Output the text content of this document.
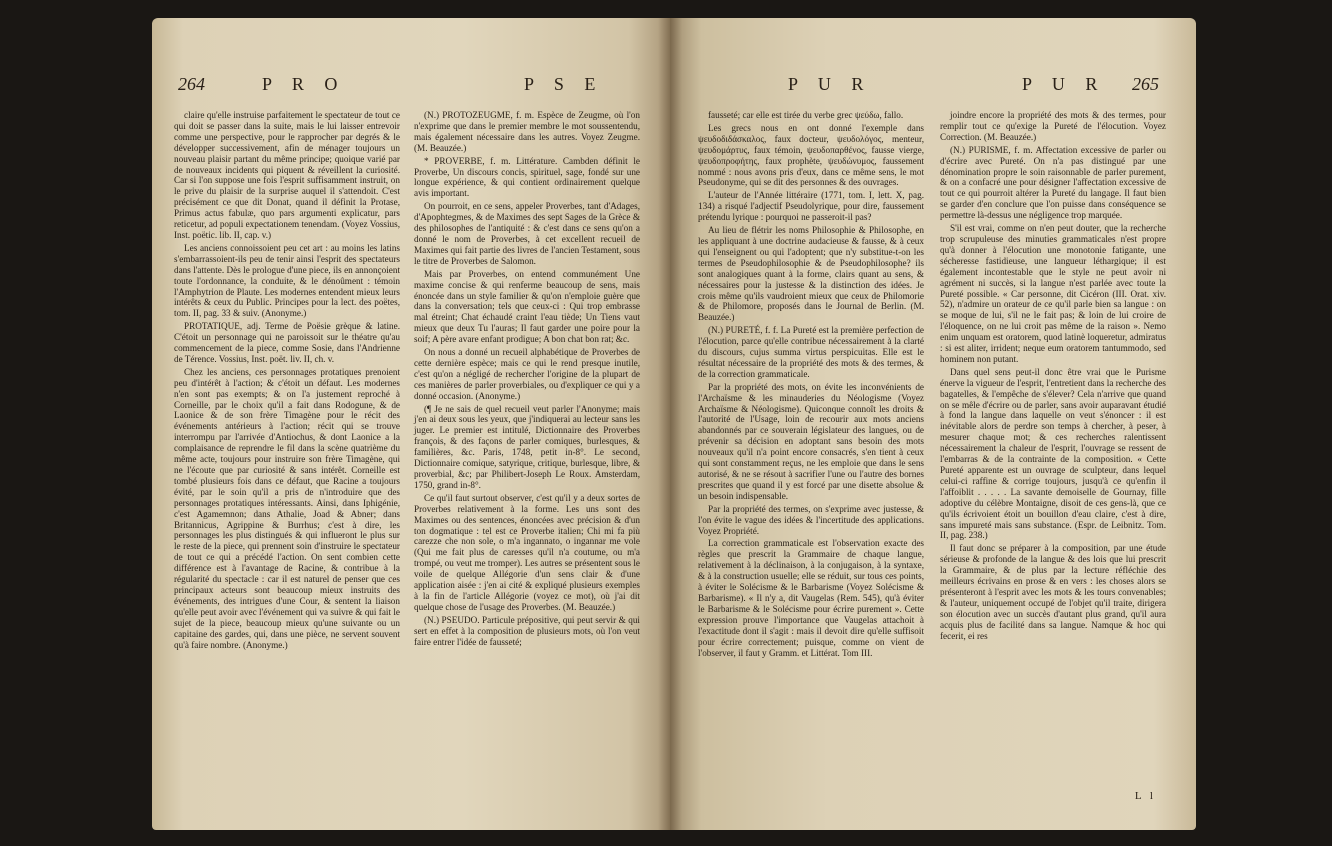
264	P R O	P S E

claire qu'elle instruise parfaitement le spectateur de tout ce qui doit se passer dans la suite, mais le lui laisser entrevoir comme une perspective, pour le rapprocher par degrés & le développer successivement, afin de ménager toujours un nouveau plaisir partant du même principe; quoique varié par de nouveaux incidents qui piquent & réveillent la curiosité. Car si l'on suppose une fois l'esprit suffisamment instruit, on le prive du plaisir de la surprise auquel il s'attendoit. C'est précisément ce que dit Donat, quand il définit la Protase, Primus actus fabulæ, quo pars argumenti explicatur, pars reticetur, ad populi expectationem tenendam. (Voyez Vossius, Inst. poëtic. lib. II, cap. v.)

Les anciens connoissoient peu cet art : au moins les latins s'embarrassoient-ils peu de tenir ainsi l'esprit des spectateurs dans l'attente. Dès le prologue d'une piece, ils en annonçoient toute l'ordonnance, la conduite, & le dénoûment : témoin l'Amphytrion de Plaute. Les modernes entendent mieux leurs intérêts & ceux du Public. Principes pour la lect. des poëtes, tom. II, pag. 33 & suiv. (Anonyme.)

PROTATIQUE, adj. Terme de Poësie grèque & latine. C'étoit un personnage qui ne paroissoit sur le théatre qu'au commencement de la piece, comme Sosie, dans l'Andrienne de Térence. Vossius, Inst. poët. liv. II, ch. v.

Chez les anciens, ces personnages protatiques prenoient peu d'intérêt à l'action; & c'étoit un défaut. Les modernes n'en sont pas exempts; & on l'a justement reproché à Corneille, par le choix qu'il a fait dans Rodogune, & de Laonice & de son frère Timagène pour le récit des événements antérieurs à l'action; récit qui se trouve interrompu par l'arrivée d'Antiochus, & dont Laonice a la complaisance de reprendre le fil dans la scène quatrième du même acte, toujours pour instruire son frère Timagène, qui ne l'écoute que par curiosité & sans intérêt. Corneille est tombé plusieurs fois dans ce défaut, que Racine a toujours évité, par le soin qu'il a pris de n'introduire que des personnages protatiques intéressants. Ainsi, dans Iphigénie, c'est Agamemnon; dans Athalie, Joad & Abner; dans Britannicus, Agrippine & Burrhus; c'est à dire, les personnages les plus distingués & qui influeront le plus sur le reste de la piece, qui prennent soin d'instruire le spectateur de tout ce qui a précédé l'action. On sent combien cette différence est à l'avantage de Racine, & contribue à la régularité du spectacle : car il est naturel de penser que ces principaux acteurs sont beaucoup mieux instruits des événements, des intrigues d'une Cour, & sentent la liaison qu'elle peut avoir avec l'événement qui va suivre & qui fait le sujet de la piece, beaucoup mieux qu'une suivante ou un capitaine des gardes, qui, dans une pièce, ne servent souvent qu'à faire nombre. (Anonyme.)

(N.) PROTOZEUGME, f. m. Espèce de Zeugme, où l'on n'exprime que dans le premier membre le mot soussentendu, mais également nécessaire dans les autres. Voyez Zeugme. (M. Beauzée.)

* PROVERBE, f. m. Littérature. Cambden définit le Proverbe, Un discours concis, spirituel, sage, fondé sur une longue expérience, & qui contient ordinairement quelque avis important.

On pourroit, en ce sens, appeler Proverbes, tant d'Adages, d'Apophtegmes, & de Maximes des sept Sages de la Grèce & des philosophes de l'antiquité : & c'est dans ce sens qu'on a donné le nom de Proverbes, à cet excellent recueil de Maximes qui fait partie des livres de l'ancien Testament, sous le titre de Proverbes de Salomon.

Mais par Proverbes, on entend communément Une maxime concise & qui renferme beaucoup de sens, mais énoncée dans un style familier & qu'on n'emploie guère que dans la conversation; tels que ceux-ci : Qui trop embrasse mal étreint; Chat échaudé craint l'eau tiède; Un Tiens vaut mieux que deux Tu l'auras; Il faut garder une poire pour la soif; A père avare enfant prodigue; A bon chat bon rat; &c.

On nous a donné un recueil alphabétique de Proverbes de cette dernière espèce; mais ce qui le rend presque inutile, c'est qu'on a négligé de rechercher l'origine de la plupart de ces manières de parler proverbiales, ou d'expliquer ce qui y a donné occasion. (Anonyme.)

(¶ Je ne sais de quel recueil veut parler l'Anonyme; mais j'en ai deux sous les yeux, que j'indiquerai au lecteur sans les juger. Le premier est intitulé, Dictionnaire des Proverbes françois, & des façons de parler comiques, burlesques, & familières, &c. Paris, 1748, petit in-8°. Le second, Dictionnaire comique, satyrique, critique, burlesque, libre, & proverbial, &c; par Philibert-Joseph Le Roux. Amsterdam, 1750, grand in-8°.

Ce qu'il faut surtout observer, c'est qu'il y a deux sortes de Proverbes relativement à la forme. Les uns sont des Maximes ou des sentences, énoncées avec précision & d'un ton dogmatique : tel est ce Proverbe italien; Chi mi fa più carezze che non sole, o m'a ingannato, o ingannar me vole (Qui me fait plus de caresses qu'il n'a coutume, ou m'a trompé, ou veut me tromper). Les autres se présentent sous le voile de quelque Allégorie d'un sens clair & d'une application aisée : j'en ai cité & expliqué plusieurs exemples à la fin de l'article Allégorie (voyez ce mot), où j'ai dit quelque chose de l'usage des Proverbes. (M. Beauzée.)

(N.) PSEUDO. Particule prépositive, qui peut servir & qui sert en effet à la composition de plusieurs mots, où l'on veut faire entrer l'idée de fausseté;

P U R	P U R 265

fausseté; car elle est tirée du verbe grec ψεύδω, fallo.

Les grecs nous en ont donné l'exemple dans ψευδοδιδάσκαλος, faux docteur, ψευδολόγος, menteur, ψευδομάρτυς, faux témoin, ψευδοπαρθένος, fausse vierge, ψευδοπροφήτης, faux prophète, ψευδώνυμος, faussement nommé : nous avons pris d'eux, dans ce même sens, le mot Pseudonyme, qui se dit des personnes & des ouvrages.

L'auteur de l'Année littéraire (1771, tom. I, lett. X, pag. 134) a risqué l'adjectif Pseudolyrique, pour dire, faussement prétendu lyrique : pourquoi ne passeroit-il pas?

Au lieu de flétrir les noms Philosophie & Philosophe, en les appliquant à une doctrine audacieuse & fausse, & à ceux qui l'enseignent ou qui l'adoptent; que n'y substitue-t-on les termes de Pseudophilosophie & de Pseudophilosophe? ils sont analogiques quant à la forme, clairs quant au sens, & nécessaires pour la justesse & la distinction des idées. Je crois même qu'ils vaudroient mieux que ceux de Philomorie & de Philomore, proposés dans le Journal de Berlin. (M. Beauzée.)

(N.) PURETÉ, f. f. La Pureté est la première perfection de l'élocution, parce qu'elle contribue nécessairement à la clarté du discours, cujus summa virtus perspicuitas. Elle est le résultat nécessaire de la propriété des mots & des termes, & de la correction grammaticale.

Par la propriété des mots, on évite les inconvénients de l'Archaïsme & les minauderies du Néologisme (Voyez Archaïsme & Néologisme). Quiconque connoît les droits & l'autorité de l'Usage, loin de recourir aux mots anciens abandonnés par ce souverain législateur des langues, ou de prévenir sa décision en adoptant sans besoin des mots nouveaux qu'il n'a point encore consacrés, s'en tient à ceux qui sont constamment reçus, ne les emploie que dans le sens autorisé, & ne se résout à sacrifier l'une ou l'autre des bornes prescrites que quand il y est forcé par une disette absolue & un besoin indispensable.

Par la propriété des termes, on s'exprime avec justesse, & l'on évite le vague des idées & l'incertitude des applications. Voyez Propriété.

La correction grammaticale est l'observation exacte des règles que prescrit la Grammaire de chaque langue, relativement à la déclinaison, à la conjugaison, à la syntaxe, & à la construction usuelle; elle se réduit, sur tous ces points, à éviter le Solécisme & le Barbarisme (Voyez Solécisme & Barbarisme). « Il n'y a, dit Vaugelas (Rem. 545), qu'à éviter le Barbarisme & le Solécisme pour écrire purement ». Cette expression prouve l'importance que Vaugelas attachoit à l'exactitude dont il s'agit : mais il devoit dire qu'elle suffisoit pour écrire correctement; puisque, comme on vient de l'observer, il faut y Gramm. et Littérat. Tom III.

joindre encore la propriété des mots & des termes, pour remplir tout ce qu'exige la Pureté de l'élocution. Voyez Correction. (M. Beauzée.)

(N.) PURISME, f. m. Affectation excessive de parler ou d'écrire avec Pureté. On n'a pas distingué par une dénomination propre le soin raisonnable de parler purement, & on a confacré une pour désigner l'affectation excessive de tout ce qui pourroit altérer la Pureté du langage. Il faut bien se garder d'en conclure que l'on puisse dans conséquence se permettre là-dessus une négligence trop marquée.

S'il est vrai, comme on n'en peut douter, que la recherche trop scrupuleuse des minuties grammaticales n'est propre qu'à donner à l'élocution une monotonie fatigante, une sécheresse fastidieuse, une langueur léthargique; il est également incontestable que le style ne peut avoir ni agrément ni succès, si la langue n'est parlée avec toute la Pureté possible. « Car personne, dit Cicéron (III. Orat. xiv. 52), n'admire un orateur de ce qu'il parle bien sa langue : on se moque de lui, s'il ne le fait pas; & loin de lui croire de l'éloquence, on ne lui croit pas même de la raison ». Nemo enim unquam est oratorem, quod latinè loqueretur, admiratus : si est aliter, irrident; neque eum oratorem tantummodo, sed hominem non putant.

Dans quel sens peut-il donc être vrai que le Purisme énerve la vigueur de l'esprit, l'entretient dans la recherche des bagatelles, & l'empêche de s'élever? Cela n'arrive que quand on se mêle d'écrire ou de parler, sans avoir auparavant étudié à fond la langue dans laquelle on veut s'énoncer : il est inévitable alors de perdre son temps à chercher, à peser, à mesurer chaque mot; & ces recherches ralentissent nécessairement la chaleur de l'esprit, l'ouvrage se ressent de l'embarras & de la contrainte de la composition. « Cette Pureté apparente est un ouvrage de sculpteur, dans lequel celui-ci raffine & corrige toujours, jusqu'à ce qu'enfin il l'affoiblit . . . . . La savante demoiselle de Gournay, fille adoptive du célèbre Montaigne, disoit de ces gens-là, que ce qu'ils écrivoient étoit un bouillon d'eau claire, c'est à dire, sans impureté mais sans substance. (Espr. de Leibnitz. Tom. II, pag. 238.)

Il faut donc se préparer à la composition, par une étude sérieuse & profonde de la langue & des lois que lui prescrit la Grammaire, & de plus par la lecture réfléchie des meilleurs écrivains en prose & en vers : les choses alors se présenteront à l'esprit avec les mots & les tours convenables; & l'auteur, uniquement occupé de l'objet qu'il traite, dirigera son élocution avec un succès d'autant plus grand, qu'il aura acquis plus de facilité dans sa langue. Namque & hoc qui fecerit, ei res

L l
